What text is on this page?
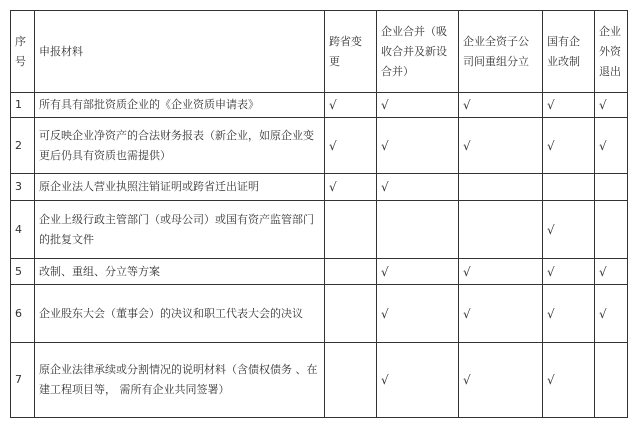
序号	申报材料	跨省变更	企业合并（吸收合并及新设合并）	企业全资子公司间重组分立	国有企业改制	企业外资退出
1	所有具有部批资质企业的《企业资质申请表》	√	√	√	√	√
2	可反映企业净资产的合法财务报表（新企业，如原企业变更后仍具有资质也需提供）	√	√	√	√	√
3	原企业法人营业执照注销证明或跨省迁出证明	√	√			
4	企业上级行政主管部门（或母公司）或国有资产监管部门的批复文件				√	
5	改制、重组、分立等方案		√	√	√	√
6	企业股东大会（董事会）的决议和职工代表大会的决议		√	√	√	√
7	原企业法律承续或分割情况的说明材料（含债权债务 、在建工程项目等， 需所有企业共同签署）		√	√	√	
